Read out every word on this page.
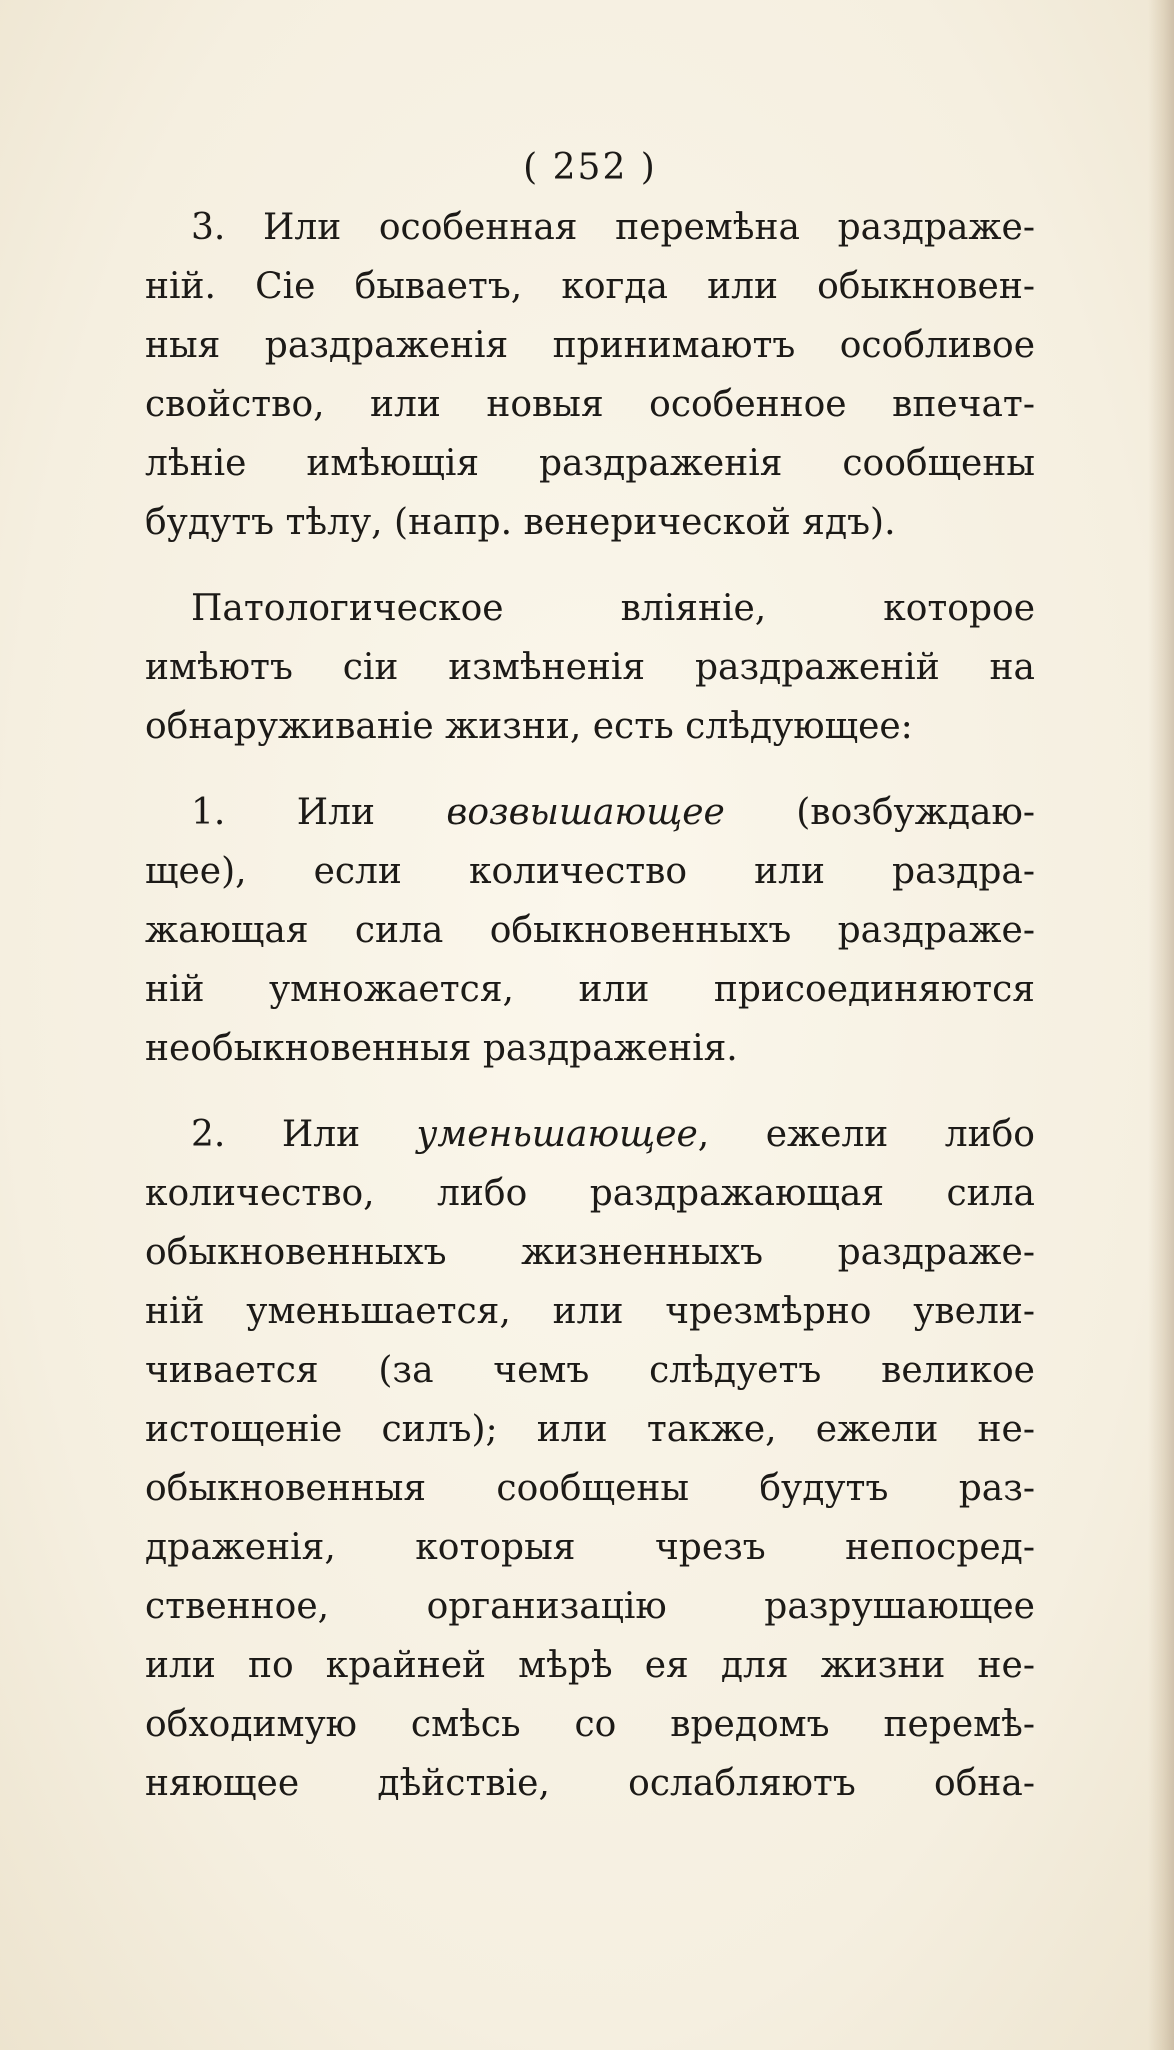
( 252 )
3. Или особенная перемѣна раздраже-
нiй. Сiе бываетъ, когда или обыкновен-
ныя раздраженiя принимаютъ особливое
свойство, или новыя особенное впечат-
лѣнiе имѣющiя раздраженiя сообщены
будутъ тѣлу, (напр. венерической ядъ).
Патологическое влiянiе, которое
имѣютъ сiи измѣненiя раздраженiй на
обнаруживанiе жизни, есть слѣдующее:
1. Или возвышающее (возбуждаю-
щее), если количество или раздра-
жающая сила обыкновенныхъ раздраже-
нiй умножается, или присоединяются
необыкновенныя раздраженiя.
2. Или уменьшающее, ежели либо
количество, либо раздражающая сила
обыкновенныхъ жизненныхъ раздраже-
нiй уменьшается, или чрезмѣрно увели-
чивается (за чемъ слѣдуетъ великое
истощенiе силъ); или также, ежели не-
обыкновенныя сообщены будутъ раз-
драженiя, которыя чрезъ непосред-
ственное, организацiю разрушающее
или по крайней мѣрѣ ея для жизни не-
обходимую смѣсь со вредомъ перемѣ-
няющее дѣйствiе, ослабляютъ обна-
